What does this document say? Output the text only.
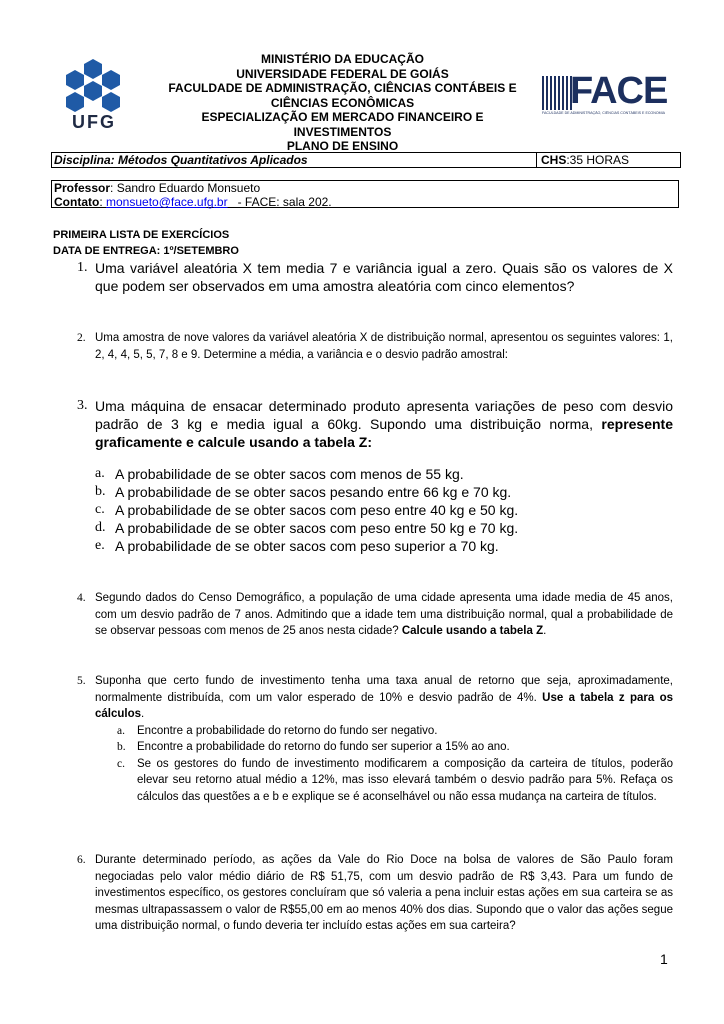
UFG
MINISTÉRIO DA EDUCAÇÃO
UNIVERSIDADE FEDERAL DE GOIÁS
FACULDADE DE ADMINISTRAÇÃO, CIÊNCIAS CONTÁBEIS E
CIÊNCIAS ECONÔMICAS
ESPECIALIZAÇÃO EM MERCADO FINANCEIRO E
INVESTIMENTOS
PLANO DE ENSINO
FACE
FACULDADE DE ADMINISTRAÇÃO, CIÊNCIAS CONTÁBEIS E ECONOMIA
Disciplina: Métodos Quantitativos Aplicados	CHS:35 HORAS
Professor: Sandro Eduardo Monsueto
Contato: monsueto@face.ufg.br   - FACE: sala 202.
PRIMEIRA LISTA DE EXERCÍCIOS
DATA DE ENTREGA: 1º/SETEMBRO
1. Uma variável aleatória X tem media 7 e variância igual a zero. Quais são os valores de X que podem ser observados em uma amostra aleatória com cinco elementos?
2. Uma amostra de nove valores da variável aleatória X de distribuição normal, apresentou os seguintes valores: 1, 2, 4, 4, 5, 5, 7, 8 e 9. Determine a média, a variância e o desvio padrão amostral:
3. Uma máquina de ensacar determinado produto apresenta variações de peso com desvio padrão de 3 kg e media igual a 60kg. Supondo uma distribuição norma, represente graficamente e calcule usando a tabela Z:
a. A probabilidade de se obter sacos com menos de 55 kg.
b. A probabilidade de se obter sacos pesando entre 66 kg e 70 kg.
c. A probabilidade de se obter sacos com peso entre 40 kg e 50 kg.
d. A probabilidade de se obter sacos com peso entre 50 kg e 70 kg.
e. A probabilidade de se obter sacos com peso superior a 70 kg.
4. Segundo dados do Censo Demográfico, a população de uma cidade apresenta uma idade media de 45 anos, com um desvio padrão de 7 anos. Admitindo que a idade tem uma distribuição normal, qual a probabilidade de se observar pessoas com menos de 25 anos nesta cidade? Calcule usando a tabela Z.
5. Suponha que certo fundo de investimento tenha uma taxa anual de retorno que seja, aproximadamente, normalmente distribuída, com um valor esperado de 10% e desvio padrão de 4%. Use a tabela z para os cálculos.
a. Encontre a probabilidade do retorno do fundo ser negativo.
b. Encontre a probabilidade do retorno do fundo ser superior a 15% ao ano.
c. Se os gestores do fundo de investimento modificarem a composição da carteira de títulos, poderão elevar seu retorno atual médio a 12%, mas isso elevará também o desvio padrão para 5%. Refaça os cálculos das questões a e b e explique se é aconselhável ou não essa mudança na carteira de títulos.
6. Durante determinado período, as ações da Vale do Rio Doce na bolsa de valores de São Paulo foram negociadas pelo valor médio diário de R$ 51,75, com um desvio padrão de R$ 3,43. Para um fundo de investimentos específico, os gestores concluíram que só valeria a pena incluir estas ações em sua carteira se as mesmas ultrapassassem o valor de R$55,00 em ao menos 40% dos dias. Supondo que o valor das ações segue uma distribuição normal, o fundo deveria ter incluído estas ações em sua carteira?
1
